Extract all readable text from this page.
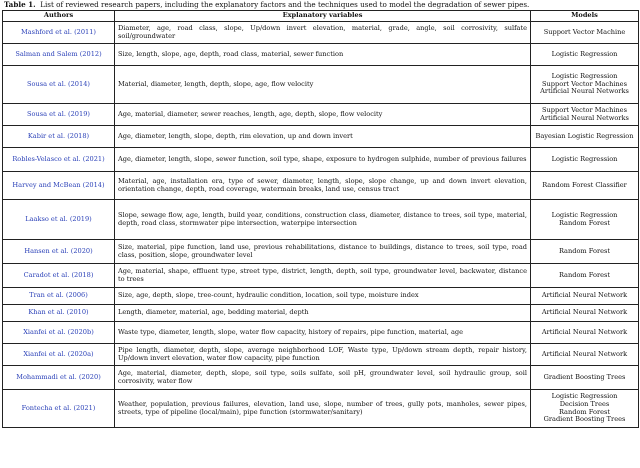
Table 1. List of reviewed research papers, including the explanatory factors and the techniques used to model the degradation of sewer pipes.
Authors	Explanatory variables	Models
Mashford et al. (2011)	Diameter, age, road class, slope, Up/down invert elevation, material, grade, angle, soil corrosivity, sulfate soil/groundwater	Support Vector Machine

Salman and Salem (2012)	Size, length, slope, age, depth, road class, material, sewer function	Logistic Regression

Sousa et al. (2014)	Material, diameter, length, depth, slope, age, flow velocity	Logistic Regression
Support Vector Machines
Artificial Neural Networks

Sousa et al. (2019)	Age, material, diameter, sewer reaches, length, age, depth, slope, flow velocity	Support Vector Machines
Artificial Neural Networks

Kabir et al. (2018)	Age, diameter, length, slope, depth, rim elevation, up and down invert	Bayesian Logistic Regression

Robles-Velasco et al. (2021)	Age, diameter, length, slope, sewer function, soil type, shape, exposure to hydrogen sulphide, number of previous failures	Logistic Regression

Harvey and McBean (2014)	Material, age, installation era, type of sewer, diameter, length, slope, slope change, up and down invert elevation, orientation change, depth, road coverage, watermain breaks, land use, census tract	Random Forest Classifier

Laakso et al. (2019)	Slope, sewage flow, age, length, build year, conditions, construction class, diameter, distance to trees, soil type, material, depth, road class, stormwater pipe intersection, waterpipe intersection	Logistic Regression
Random Forest

Hansen et al. (2020)	Size, material, pipe function, land use, previous rehabilitations, distance to buildings, distance to trees, soil type, road class, position, slope, groundwater level	Random Forest

Caradot et al. (2018)	Age, material, shape, effluent type, street type, district, length, depth, soil type, groundwater level, backwater, distance to trees	Random Forest

Tran et al. (2006)	Size, age, depth, slope, tree-count, hydraulic condition, location, soil type, moisture index	Artificial Neural Network

Khan et al. (2010)	Length, diameter, material, age, bedding material, depth	Artificial Neural Network

Xianfei et al. (2020b)	Waste type, diameter, length, slope, water flow capacity, history of repairs, pipe function, material, age	Artificial Neural Network

Xianfei et al. (2020a)	Pipe length, diameter, depth, slope, average neighborhood LOF, Waste type, Up/down stream depth, repair history, Up/down invert elevation, water flow capacity, pipe function	Artificial Neural Network

Mohammadi et al. (2020)	Age, material, diameter, depth, slope, soil type, soils sulfate, soil pH, groundwater level, soil hydraulic group, soil corrosivity, water flow	Gradient Boosting Trees

Fontecha et al. (2021)	Weather, population, previous failures, elevation, land use, slope, number of trees, gully pots, manholes, sewer pipes, streets, type of pipeline (local/main), pipe function (stormwater/sanitary)	Logistic Regression
Decision Trees
Random Forest
Gradient Boosting Trees
